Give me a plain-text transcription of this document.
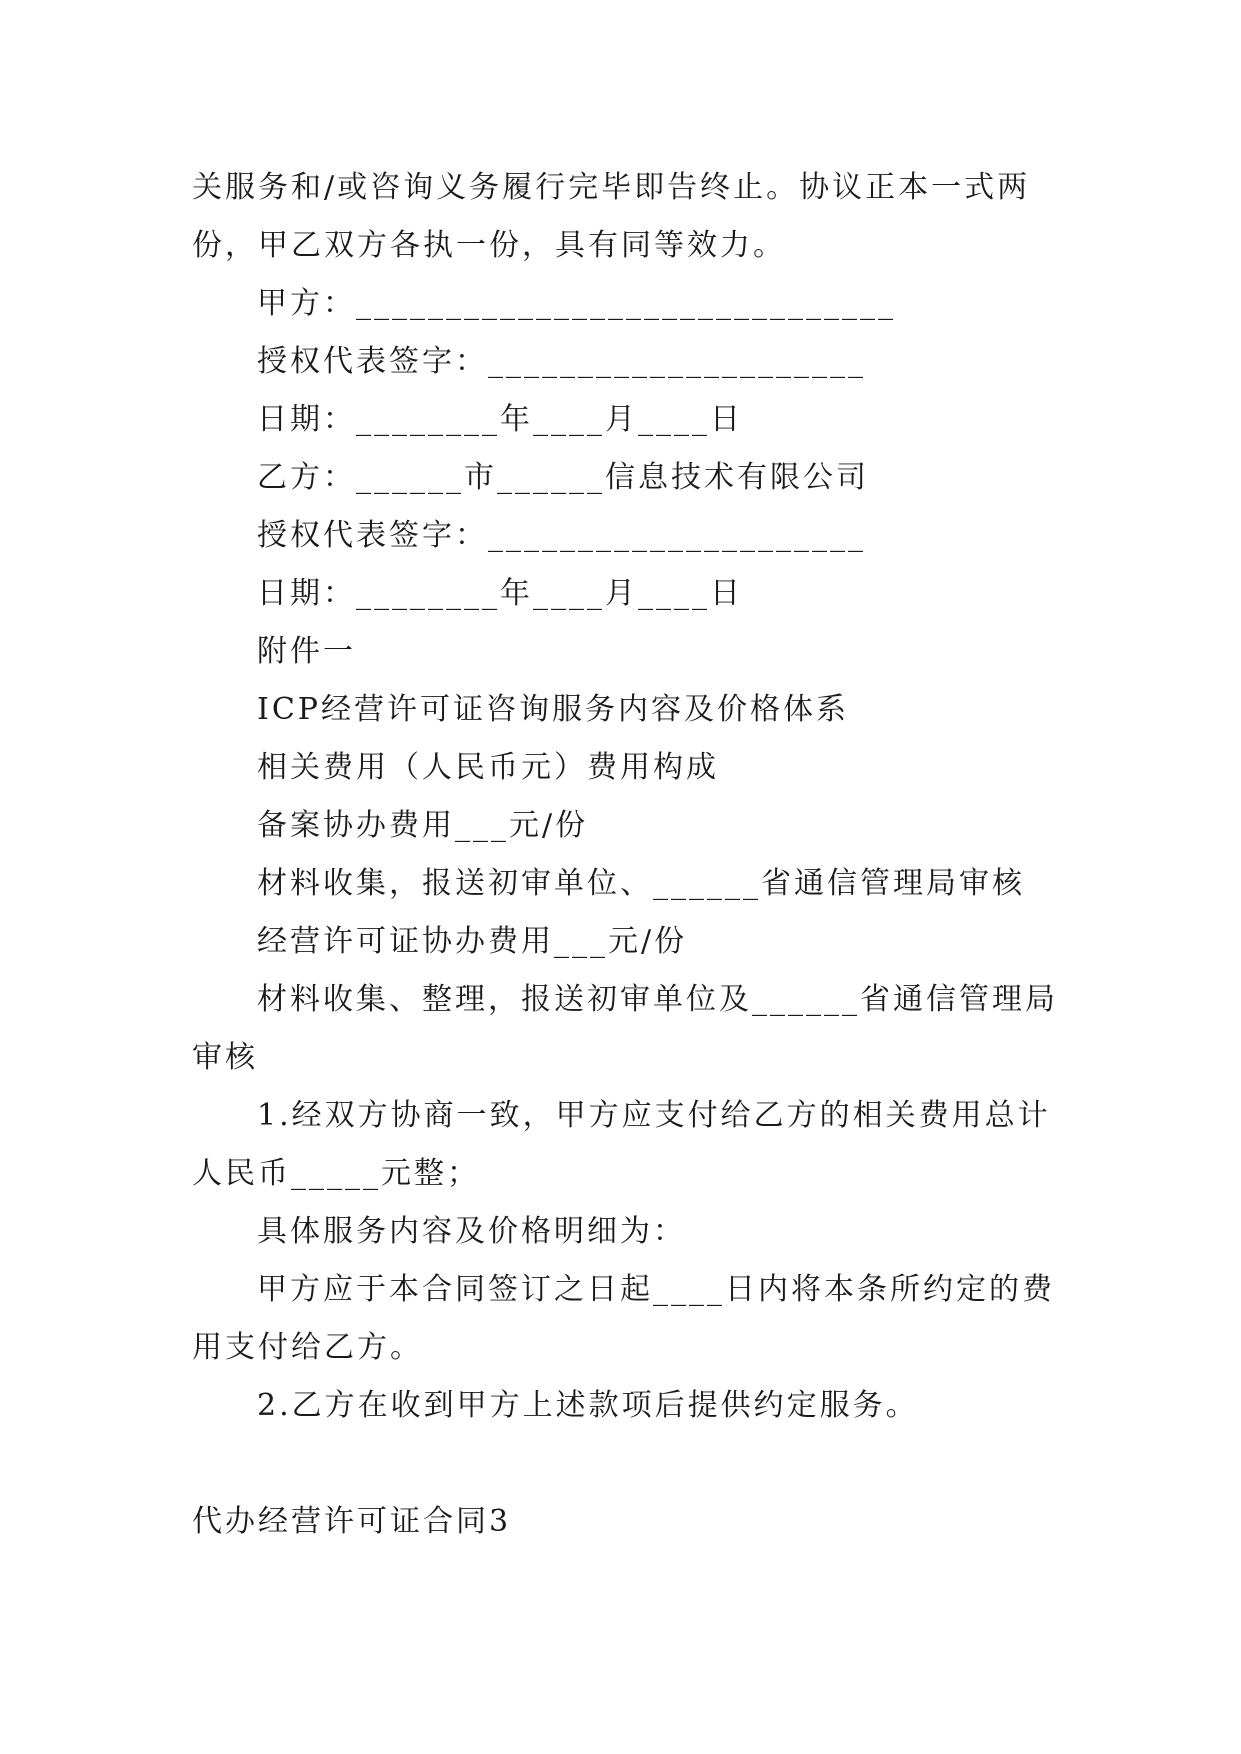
关服务和/或咨询义务履行完毕即告终止。协议正本一式两
份，甲乙双方各执一份，具有同等效力。
甲方：______________________________
授权代表签字：_____________________
日期：________年____月____日
乙方：______市______信息技术有限公司
授权代表签字：_____________________
日期：________年____月____日
附件一
ICP经营许可证咨询服务内容及价格体系
相关费用（人民币元）费用构成
备案协办费用___元/份
材料收集，报送初审单位、______省通信管理局审核
经营许可证协办费用___元/份
材料收集、整理，报送初审单位及______省通信管理局
审核
1.经双方协商一致，甲方应支付给乙方的相关费用总计
人民币_____元整；
具体服务内容及价格明细为：
甲方应于本合同签订之日起____日内将本条所约定的费
用支付给乙方。
2.乙方在收到甲方上述款项后提供约定服务。
代办经营许可证合同3
